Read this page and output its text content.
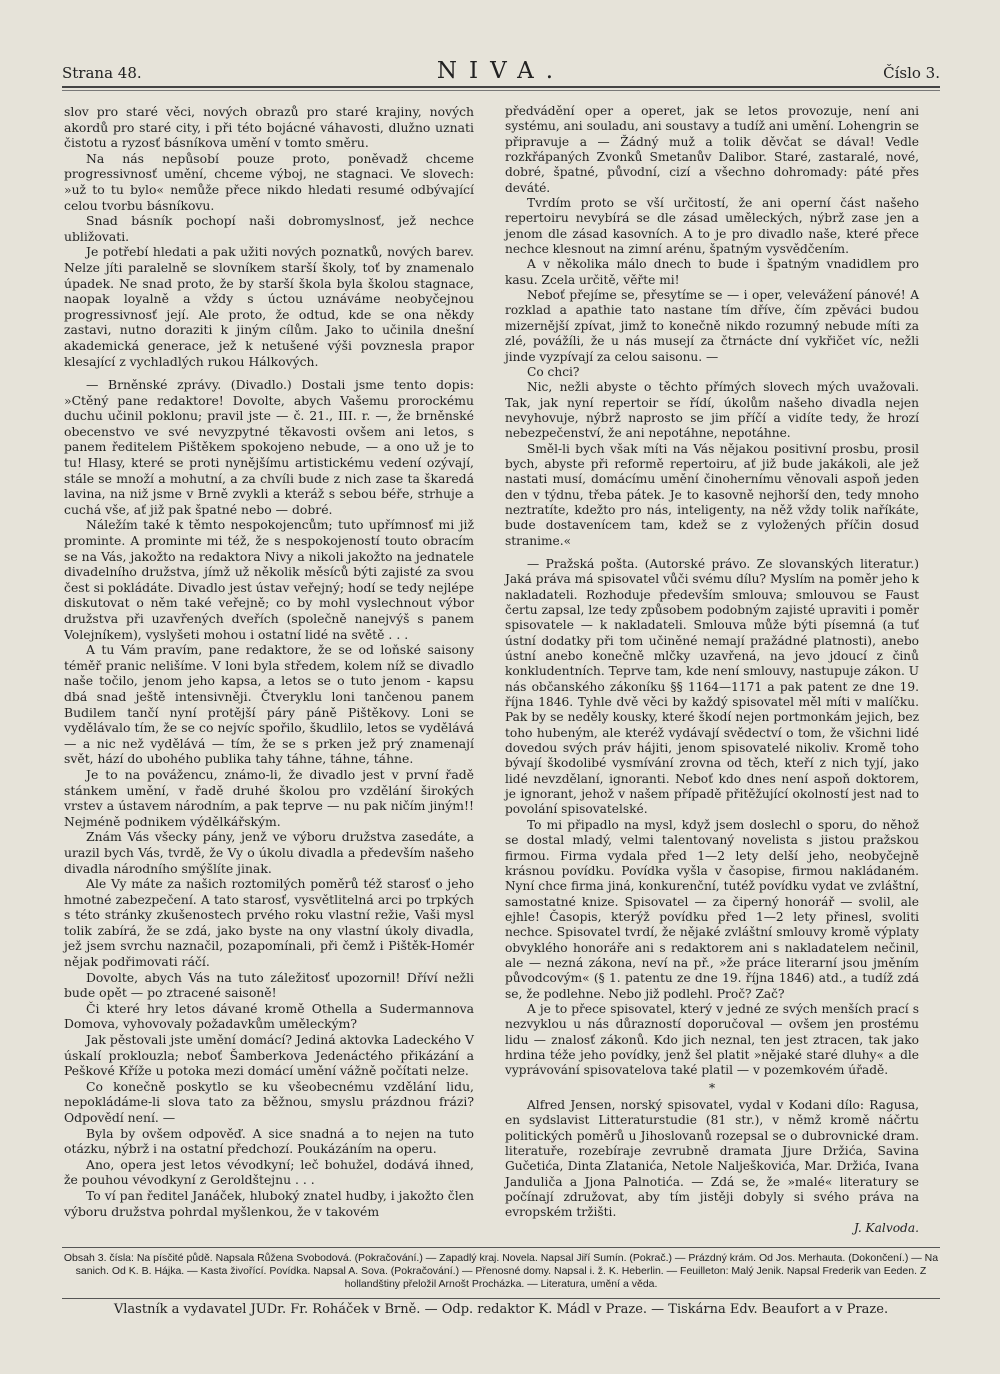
Strana 48.	NIVA.	Číslo 3.

slov pro staré věci, nových obrazů pro staré krajiny, nových akordů pro staré city, i při této bojácné váhavosti, dlužno uznati čistotu a ryzosť básníkova umění v tomto směru.

Na nás nepůsobí pouze proto, poněvadž chceme progressivnosť umění, chceme výboj, ne stagnaci. Ve slovech: »už to tu bylo« nemůže přece nikdo hledati resumé odbývající celou tvorbu básníkovu.

Snad básník pochopí naši dobromyslnosť, jež nechce ubližovati.

Je potřebí hledati a pak užiti nových poznatků, nových barev. Nelze jíti paralelně se slovníkem starší školy, toť by znamenalo úpadek. Ne snad proto, že by starší škola byla školou stagnace, naopak loyalně a vždy s úctou uznáváme neobyčejnou progressivnosť její. Ale proto, že odtud, kde se ona někdy zastavi, nutno doraziti k jiným cílům. Jako to učinila dnešní akademická generace, jež k netušené výši povznesla prapor klesající z vychladlých rukou Hálkových.

— Brněnské zprávy. (Divadlo.) Dostali jsme tento dopis: »Ctěný pane redaktore! Dovolte, abych Vašemu prorockému duchu učinil poklonu; pravil jste — č. 21., III. r. —, že brněnské obecenstvo ve své nevyzpytné těkavosti ovšem ani letos, s panem ředitelem Pištěkem spokojeno nebude, — a ono už je to tu! Hlasy, které se proti nynějšímu artistickému vedení ozývají, stále se množí a mohutní, a za chvíli bude z nich zase ta škaredá lavina, na niž jsme v Brně zvykli a kteráž s sebou béře, strhuje a cuchá vše, ať již pak špatné nebo — dobré.

Náležím také k těmto nespokojencům; tuto upřímnosť mi již prominte. A prominte mi též, že s nespokojeností touto obracím se na Vás, jakožto na redaktora Nivy a nikoli jakožto na jednatele divadelního družstva, jímž už několik měsíců býti zajisté za svou čest si pokládáte. Divadlo jest ústav veřejný; hodí se tedy nejlépe diskutovat o něm také veřejně; co by mohl vyslechnout výbor družstva při uzavřených dveřích (společně nanejvýš s panem Volejníkem), vyslyšeti mohou i ostatní lidé na světě . . .

A tu Vám pravím, pane redaktore, že se od loňské saisony téměř pranic nelišíme. V loni byla středem, kolem níž se divadlo naše točilo, jenom jeho kapsa, a letos se o tuto jenom - kapsu dbá snad ještě intensivněji. Čtveryklu loni tančenou panem Budilem tančí nyní protější páry páně Pištěkovy. Loni se vydělávalo tím, že se co nejvíc spořilo, škudlilo, letos se vydělává — a nic než vydělává — tím, že se s prken jež prý znamenají svět, hází do ubohého publika tahy táhne, táhne, táhne.

Je to na povážencu, známo-li, že divadlo jest v první řadě stánkem umění, v řadě druhé školou pro vzdělání širokých vrstev a ústavem národním, a pak teprve — nu pak ničím jiným!! Nejméně podnikem výdělkářským.

Znám Vás všecky pány, jenž ve výboru družstva zasedáte, a urazil bych Vás, tvrdě, že Vy o úkolu divadla a především našeho divadla národního smýšlíte jinak.

Ale Vy máte za našich roztomilých poměrů též starosť o jeho hmotné zabezpečení. A tato starosť, vysvětlitelná arci po trpkých s této stránky zkušenostech prvého roku vlastní režie, Vaši mysl tolik zabírá, že se zdá, jako byste na ony vlastní úkoly divadla, jež jsem svrchu naznačil, pozapomínali, při čemž i Pištěk-Homér nějak podřimovati ráčí.

Dovolte, abych Vás na tuto záležitosť upozornil! Dříví nežli bude opět — po ztracené saisoně!

Či které hry letos dávané kromě Othella a Sudermannova Domova, vyhovovaly požadavkům uměleckým?

Jak pěstovali jste umění domácí? Jediná aktovka Ladeckého V úskalí proklouzla; neboť Šamberkova Jedenáctého přikázání a Peškové Kříže u potoka mezi domácí umění vážně počítati nelze.

Co konečně poskytlo se ku všeobecnému vzdělání lidu, nepokládáme-li slova tato za běžnou, smyslu prázdnou frázi? Odpovědí není. —

Byla by ovšem odpověď. A sice snadná a to nejen na tuto otázku, nýbrž i na ostatní předchozí. Poukázáním na operu.

Ano, opera jest letos vévodkyní; leč bohužel, dodává ihned, že pouhou vévodkyní z Geroldštejnu . . .

To ví pan ředitel Janáček, hluboký znatel hudby, i jakožto člen výboru družstva pohrdal myšlenkou, že v takovém

předvádění oper a operet, jak se letos provozuje, není ani systému, ani souladu, ani soustavy a tudíž ani umění. Lohengrin se připravuje a — Žádný muž a tolik děvčat se dával! Vedle rozkřápaných Zvonků Smetanův Dalibor. Staré, zastaralé, nové, dobré, špatné, původní, cizí a všechno dohromady: páté přes deváté.

Tvrdím proto se vší určitostí, že ani operní část našeho repertoiru nevybírá se dle zásad uměleckých, nýbrž zase jen a jenom dle zásad kasovních. A to je pro divadlo naše, které přece nechce klesnout na zimní arénu, špatným vysvědčením.

A v několika málo dnech to bude i špatným vnadidlem pro kasu. Zcela určitě, věřte mi!

Neboť přejíme se, přesytíme se — i oper, velevážení pánové! A rozklad a apathie tato nastane tím dříve, čím zpěváci budou mizernější zpívat, jimž to konečně nikdo rozumný nebude míti za zlé, povážíli, že u nás musejí za čtrnácte dní vykřičet víc, nežli jinde vyzpívají za celou saisonu. —

Co chci?

Nic, nežli abyste o těchto přímých slovech mých uvažovali. Tak, jak nyní repertoir se řídí, úkolům našeho divadla nejen nevyhovuje, nýbrž naprosto se jim příčí a vidíte tedy, že hrozí nebezpečenství, že ani nepotáhne, nepotáhne.

Směl-li bych však míti na Vás nějakou positivní prosbu, prosil bych, abyste při reformě repertoiru, ať již bude jakákoli, ale jež nastati musí, domácímu umění činohernímu věnovali aspoň jeden den v týdnu, třeba pátek. Je to kasovně nejhorší den, tedy mnoho neztratíte, kdežto pro nás, inteligenty, na něž vždy tolik naříkáte, bude dostavenícem tam, kdež se z vyložených příčin dosud stranime.«

— Pražská pošta. (Autorské právo. Ze slovanských literatur.) Jaká práva má spisovatel vůči svému dílu? Myslím na poměr jeho k nakladateli. Rozhoduje především smlouva; smlouvou se Faust čertu zapsal, lze tedy způsobem podobným zajisté upraviti i poměr spisovatele — k nakladateli. Smlouva může býti písemná (a tuť ústní dodatky při tom učiněné nemají pražádné platnosti), anebo ústní anebo konečně mlčky uzavřená, na jevo jdoucí z činů konkludentních. Teprve tam, kde není smlouvy, nastupuje zákon. U nás občanského zákoníku §§ 1164—1171 a pak patent ze dne 19. října 1846. Tyhle dvě věci by každý spisovatel měl míti v malíčku. Pak by se neděly kousky, které škodí nejen portmonkám jejich, bez toho hubeným, ale kteréž vydávají svědectví o tom, že všichni lidé dovedou svých práv hájiti, jenom spisovatelé nikoliv. Kromě toho bývají škodolibé vysmívání zrovna od těch, kteří z nich tyjí, jako lidé nevzdělaní, ignoranti. Neboť kdo dnes není aspoň doktorem, je ignorant, jehož v našem případě přitěžující okolností jest nad to povolání spisovatelské.

To mi připadlo na mysl, když jsem doslechl o sporu, do něhož se dostal mladý, velmi talentovaný novelista s jistou pražskou firmou. Firma vydala před 1—2 lety delší jeho, neobyčejně krásnou povídku. Povídka vyšla v časopise, firmou nakládaném. Nyní chce firma jiná, konkurenční, tutéž povídku vydat ve zvláštní, samostatné knize. Spisovatel — za čiperný honorář — svolil, ale ejhle! Časopis, kterýž povídku před 1—2 lety přinesl, svoliti nechce. Spisovatel tvrdí, že nějaké zvláštní smlouvy kromě výplaty obvyklého honoráře ani s redaktorem ani s nakladatelem nečinil, ale — nezná zákona, neví na př., »že práce literarní jsou jměním původcovým« (§ 1. patentu ze dne 19. října 1846) atd., a tudíž zdá se, že podlehne. Nebo již podlehl. Proč? Zač?

A je to přece spisovatel, který v jedné ze svých menších prací s nezvyklou u nás důrazností doporučoval — ovšem jen prostému lidu — znalosť zákonů. Kdo jich neznal, ten jest ztracen, tak jako hrdina téže jeho povídky, jenž šel platit »nějaké staré dluhy« a dle vyprávování spisovatelova také platil — v pozemkovém úřadě.

*

Alfred Jensen, norský spisovatel, vydal v Kodani dílo: Ragusa, en sydslavist Litteraturstudie (81 str.), v němž kromě náčrtu politických poměrů u Jihoslovanů rozepsal se o dubrovnické dram. literatuře, rozebíraje zevrubně dramata Jjure Držića, Savina Gučetića, Dinta Zlatanića, Netole Nalješkovića, Mar. Držića, Ivana Janduliča a Jjona Palnotića. — Zdá se, že »malé« literatury se počínají združovat, aby tím jistěji dobyly si svého práva na evropském tržišti.

J. Kalvoda.

Obsah 3. čísla: Na písčité půdě. Napsala Růžena Svobodová. (Pokračování.) — Zapadlý kraj. Novela. Napsal Jiří Sumín. (Pokrač.) — Prázdný krám. Od Jos. Merhauta. (Dokončení.) — Na sanich. Od K. B. Hájka. — Kasta živořící. Povídka. Napsal A. Sova. (Pokračování.) — Přenosné domy. Napsal i. ž. K. Heberlin. — Feuilleton: Malý Jenik. Napsal Frederik van Eeden. Z hollandštiny přeložil Arnošt Procházka. — Literatura, umění a věda.
Vlastník a vydavatel JUDr. Fr. Roháček v Brně. — Odp. redaktor K. Mádl v Praze. — Tiskárna Edv. Beaufort a v Praze.
